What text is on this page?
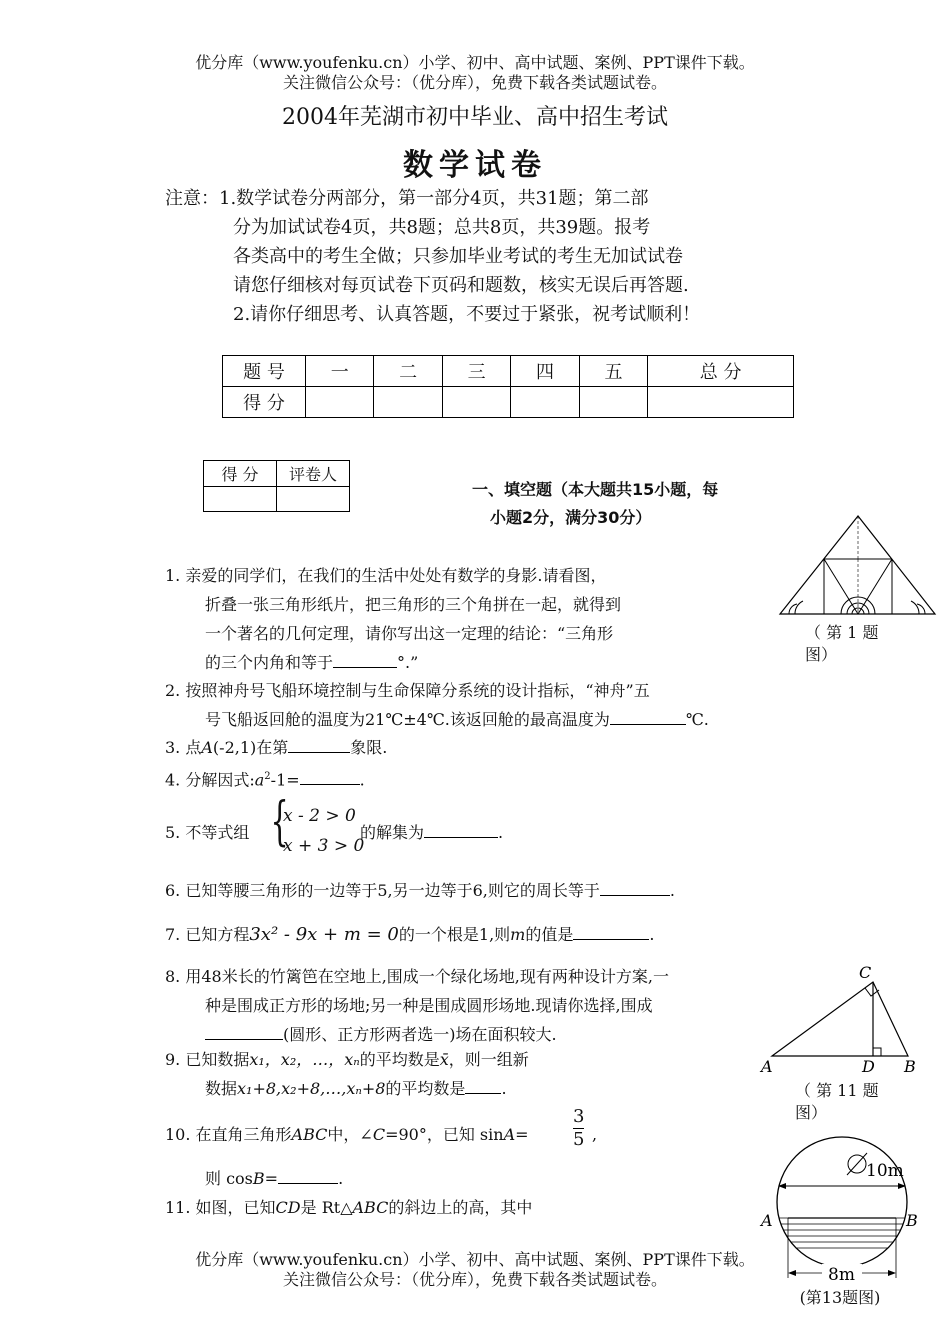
优分库（www.youfenku.cn）小学、初中、高中试题、案例、PPT课件下载。
关注微信公众号：（优分库），免费下载各类试题试卷。
2004年芜湖市初中毕业、高中招生考试
数学试卷
注意：1.数学试卷分两部分，第一部分4页，共31题；第二部
分为加试试卷4页，共8题；总共8页，共39题。报考
各类高中的考生全做；只参加毕业考试的考生无加试试卷
请您仔细核对每页试卷下页码和题数，核实无误后再答题.
2.请你仔细思考、认真答题，不要过于紧张，祝考试顺利！
题 号	一	二	三	四	五	总 分
得 分						
得 分	评卷人

一、填空题（本大题共15小题，每
小题2分，满分30分）
（ 第 1 题
图）
1. 亲爱的同学们，在我们的生活中处处有数学的身影.请看图，
折叠一张三角形纸片，把三角形的三个角拼在一起，就得到
一个著名的几何定理，请你写出这一定理的结论：“三角形
的三个内角和等于	°.”
2. 按照神舟号飞船环境控制与生命保障分系统的设计指标，“神舟”五
号飞船返回舱的温度为21℃±4℃.该返回舱的最高温度为	℃.
3. 点A(-2,1)在第	象限.
4. 分解因式$:a^2-1=$	.
5. 不等式组 {
x - 2 > 0
x + 3 > 0
的解集为	.
6. 已知等腰三角形的一边等于5,另一边等于6,则它的周长等于	.
7. 已知方程3x² - 9x + m = 0的一个根是1,则m的值是	.
8. 用48米长的竹篱笆在空地上,围成一个绿化场地,现有两种设计方案,一
种是围成正方形的场地;另一种是围成圆形场地.现请你选择,围成
(圆形、正方形两者选一)场在面积较大.
9. 已知数据x₁，x₂，…，xₙ的平均数是x̄，则一组新
数据x₁+8,x₂+8,…,xₙ+8的平均数是 .
10. 在直角三角形ABC中，∠C=90°，已知 $\sin A= \frac{3}{5}$ ,
则 cosB=	.
11. 如图，已知CD是 Rt△ABC的斜边上的高，其中
C
A	D B
（ 第 11 题
图）
10m
8m
A	B
(第13题图)
优分库（www.youfenku.cn）小学、初中、高中试题、案例、PPT课件下载。
关注微信公众号：（优分库），免费下载各类试题试卷。
